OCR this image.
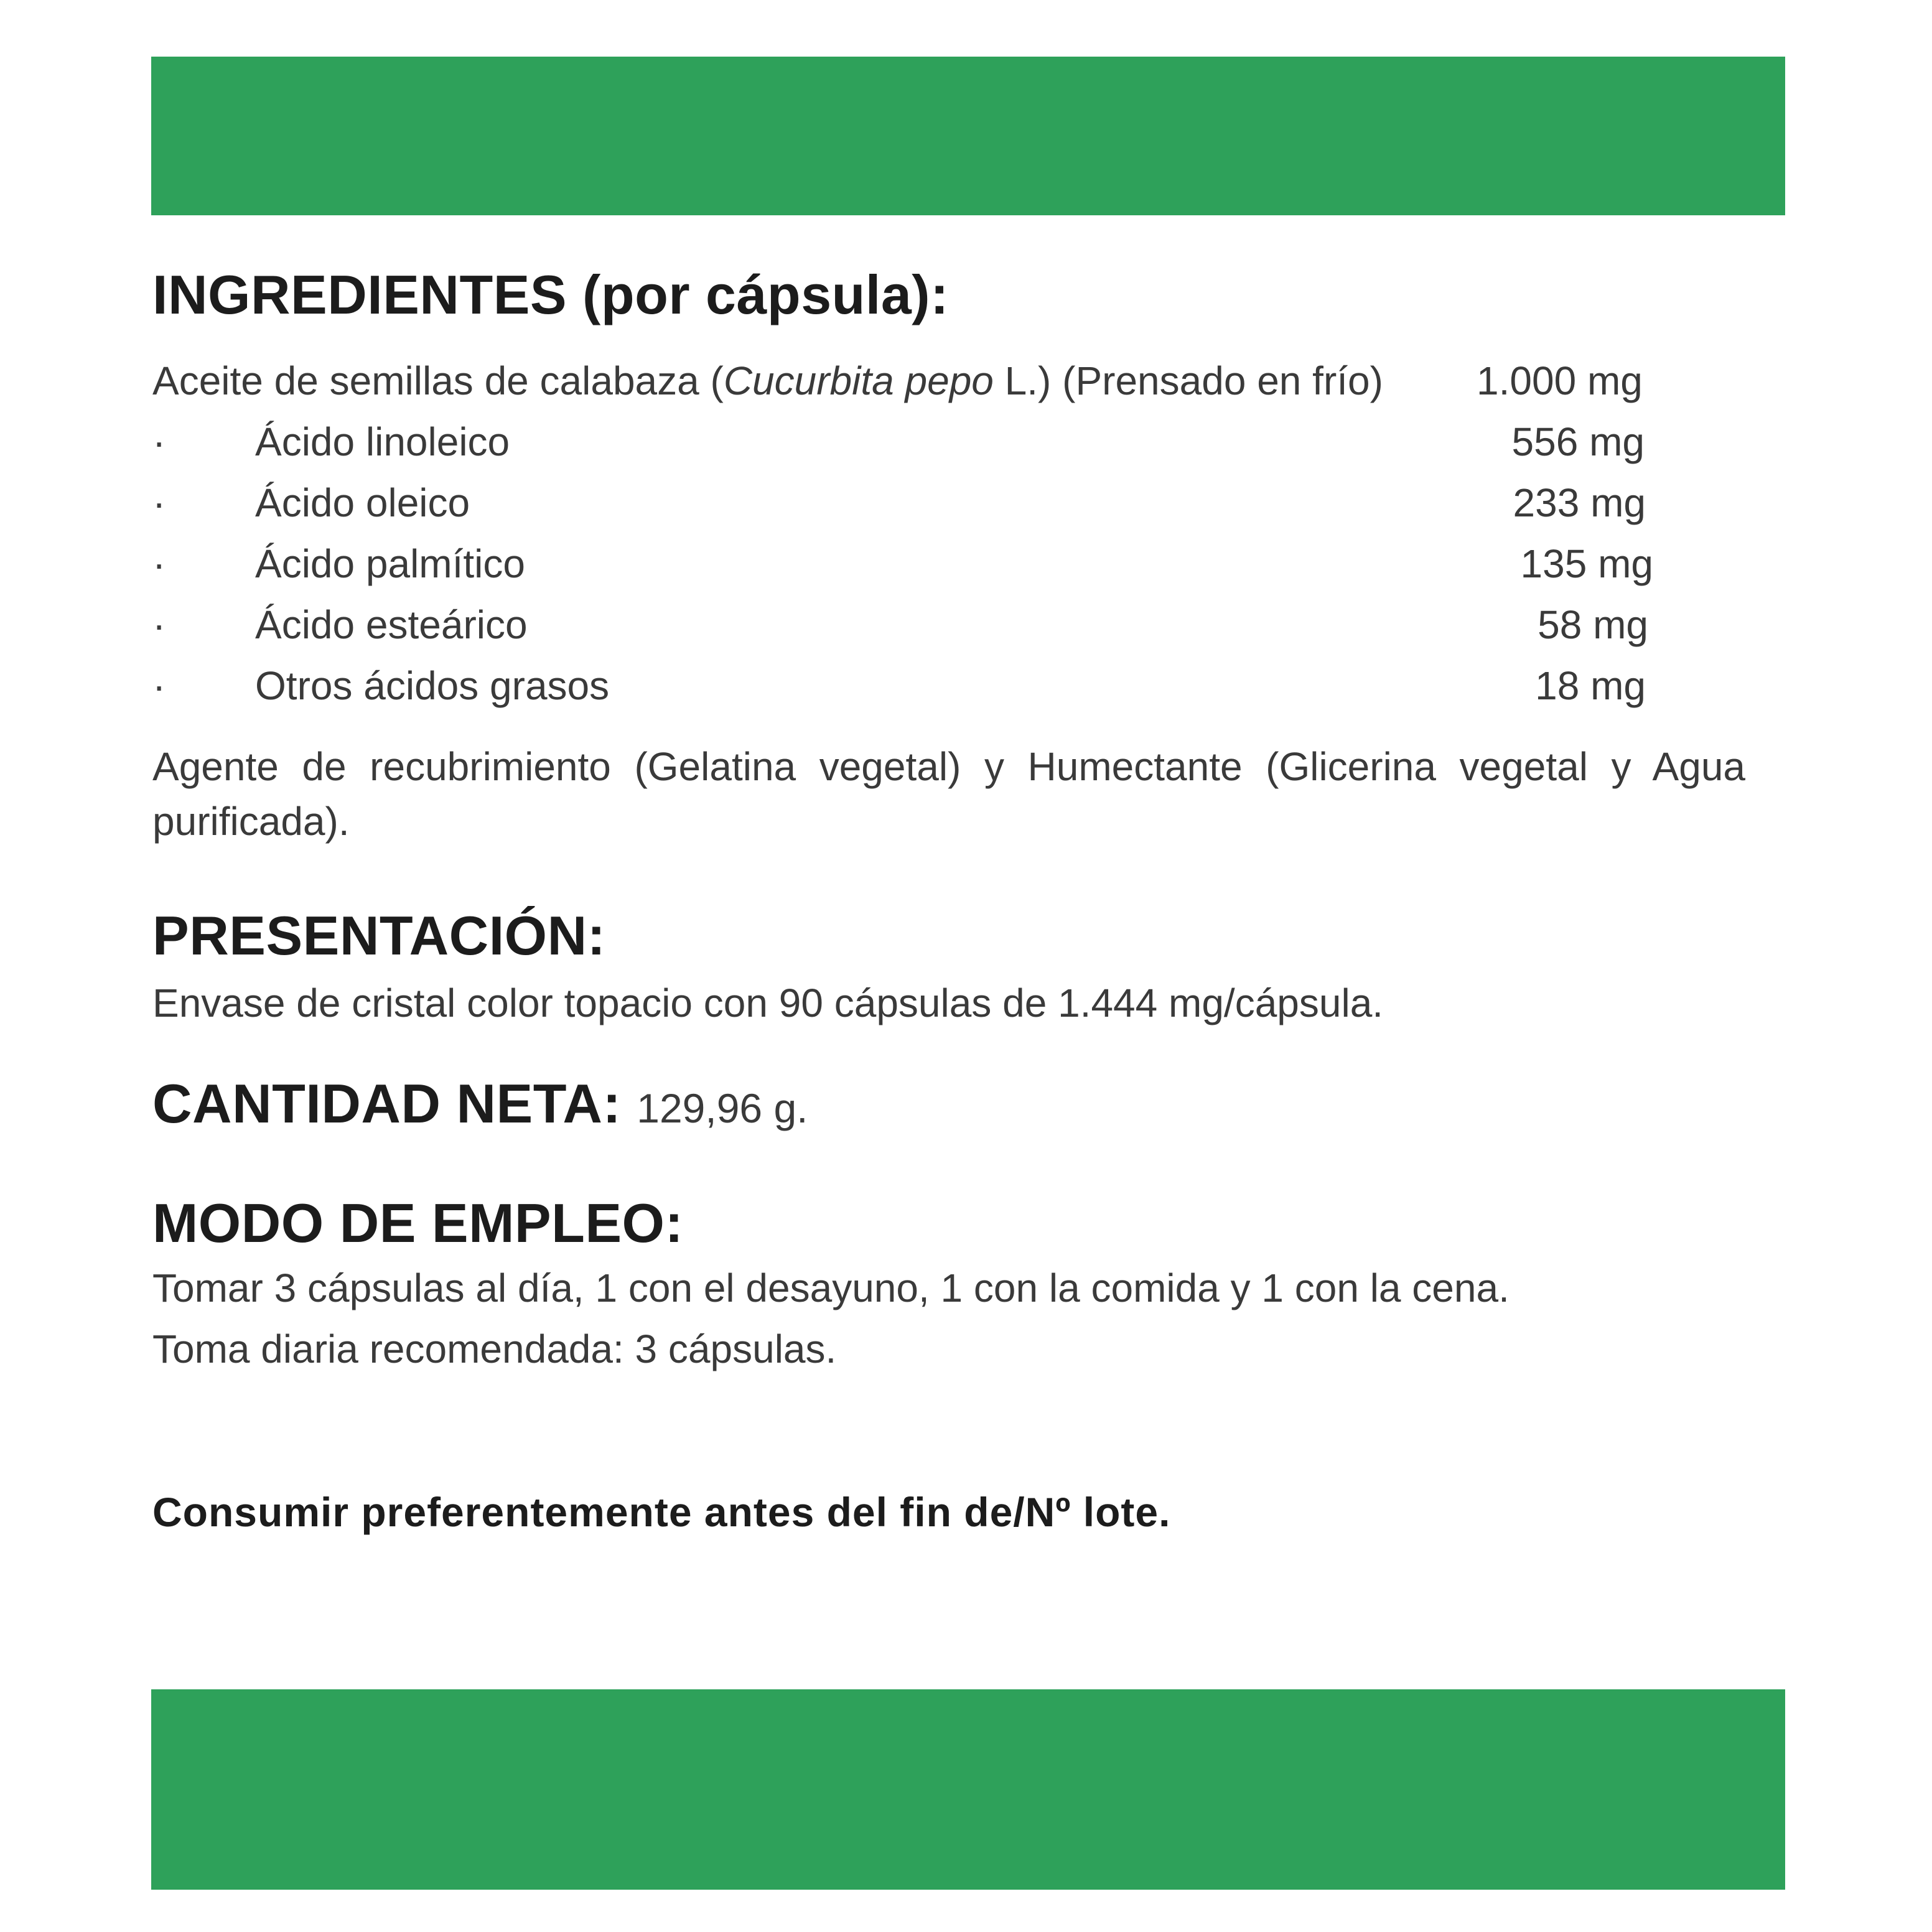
INGREDIENTES (por cápsula):
Aceite de semillas de calabaza (Cucurbita pepo L.) (Prensado en frío) 1.000 mg
· Ácido linoleico	556 mg
· Ácido oleico	233 mg
· Ácido palmítico	135 mg
· Ácido esteárico	58 mg
· Otros ácidos grasos	18 mg
Agente de recubrimiento (Gelatina vegetal) y Humectante (Glicerina vegetal y Agua purificada).
PRESENTACIÓN:
Envase de cristal color topacio con 90 cápsulas de 1.444 mg/cápsula.
CANTIDAD NETA: 129,96 g.
MODO DE EMPLEO:
Tomar 3 cápsulas al día, 1 con el desayuno, 1 con la comida y 1 con la cena.
Toma diaria recomendada: 3 cápsulas.
Consumir preferentemente antes del fin de/Nº lote.
